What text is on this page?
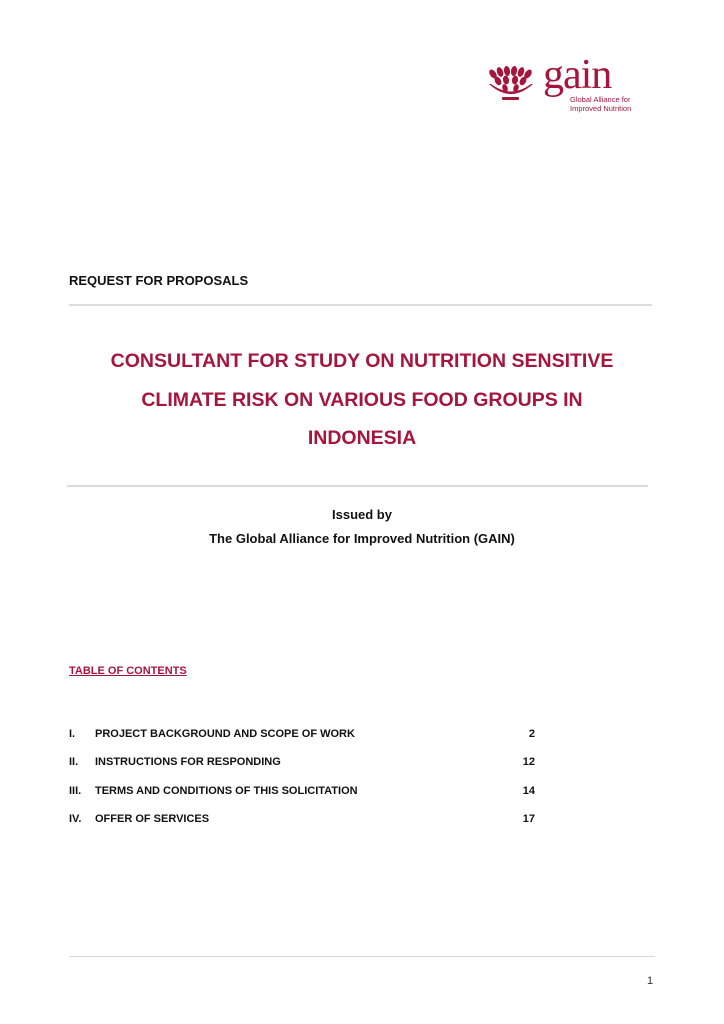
gain
Global Alliance for
Improved Nutrition
REQUEST FOR PROPOSALS
CONSULTANT FOR STUDY ON NUTRITION SENSITIVE
CLIMATE RISK ON VARIOUS FOOD GROUPS IN
INDONESIA
Issued by
The Global Alliance for Improved Nutrition (GAIN)
TABLE OF CONTENTS
I. PROJECT BACKGROUND AND SCOPE OF WORK	2
II. INSTRUCTIONS FOR RESPONDING	12
III. TERMS AND CONDITIONS OF THIS SOLICITATION	14
IV. OFFER OF SERVICES	17
1
